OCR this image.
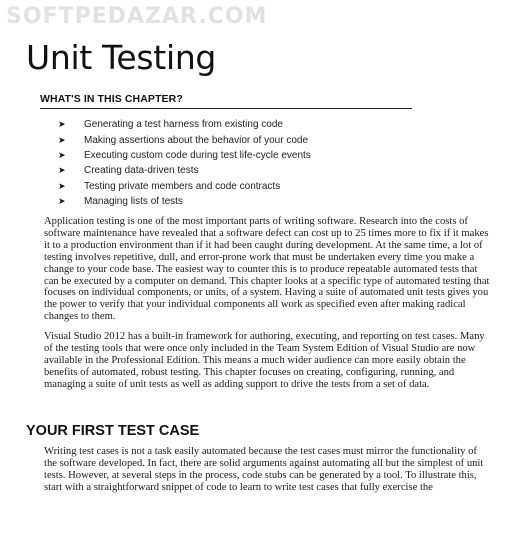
SOFTPEDAZAR.COM
Unit Testing
WHAT'S IN THIS CHAPTER?
➤	Generating a test harness from existing code
➤	Making assertions about the behavior of your code
➤	Executing custom code during test life-cycle events
➤	Creating data-driven tests
➤	Testing private members and code contracts
➤	Managing lists of tests

Application testing is one of the most important parts of writing software. Research into the costs of software maintenance have revealed that a software defect can cost up to 25 times more to fix if it makes it to a production environment than if it had been caught during development. At the same time, a lot of testing involves repetitive, dull, and error-prone work that must be undertaken every time you make a change to your code base. The easiest way to counter this is to produce repeatable automated tests that can be executed by a computer on demand. This chapter looks at a specific type of automated testing that focuses on individual components, or units, of a system. Having a suite of automated unit tests gives you the power to verify that your individual components all work as specified even after making radical changes to them.

Visual Studio 2012 has a built-in framework for authoring, executing, and reporting on test cases. Many of the testing tools that were once only included in the Team System Edition of Visual Studio are now available in the Professional Edition. This means a much wider audience can more easily obtain the benefits of automated, robust testing. This chapter focuses on creating, configuring, running, and managing a suite of unit tests as well as adding support to drive the tests from a set of data.

YOUR FIRST TEST CASE

Writing test cases is not a task easily automated because the test cases must mirror the functionality of the software developed. In fact, there are solid arguments against automating all but the simplest of unit tests. However, at several steps in the process, code stubs can be generated by a tool. To illustrate this, start with a straightforward snippet of code to learn to write test cases that fully exercise the
